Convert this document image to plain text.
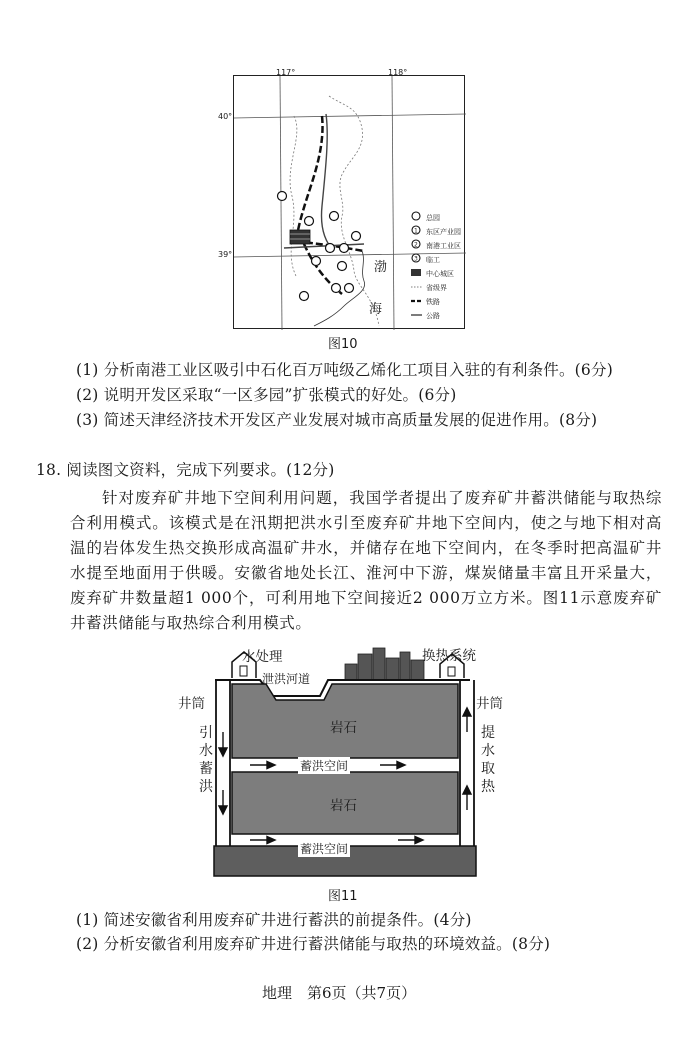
1
2
3
117°	118°
40°
39°
渤
海
总园
东区产业园
南港工业区
临工
中心城区
省级界
铁路
公路
图10
(1) 分析南港工业区吸引中石化百万吨级乙烯化工项目入驻的有利条件。(6分)
(2) 说明开发区采取“一区多园”扩张模式的好处。(6分)
(3) 简述天津经济技术开发区产业发展对城市高质量发展的促进作用。(8分)
18. 阅读图文资料，完成下列要求。(12分)
针对废弃矿井地下空间利用问题，我国学者提出了废弃矿井蓄洪储能与取热综合利用模式。该模式是在汛期把洪水引至废弃矿井地下空间内，使之与地下相对高温的岩体发生热交换形成高温矿井水，并储存在地下空间内，在冬季时把高温矿井水提至地面用于供暖。安徽省地处长江、淮河中下游，煤炭储量丰富且开采量大，废弃矿井数量超1 000个，可利用地下空间接近2 000万立方米。图11示意废弃矿井蓄洪储能与取热综合利用模式。
水处理
泄洪河道
换热系统
井筒	井筒
引水蓄洪
提水取热
岩石
岩石
蓄洪空间
蓄洪空间
图11
(1) 简述安徽省利用废弃矿井进行蓄洪的前提条件。(4分)
(2) 分析安徽省利用废弃矿井进行蓄洪储能与取热的环境效益。(8分)
地理　第6页（共7页）
